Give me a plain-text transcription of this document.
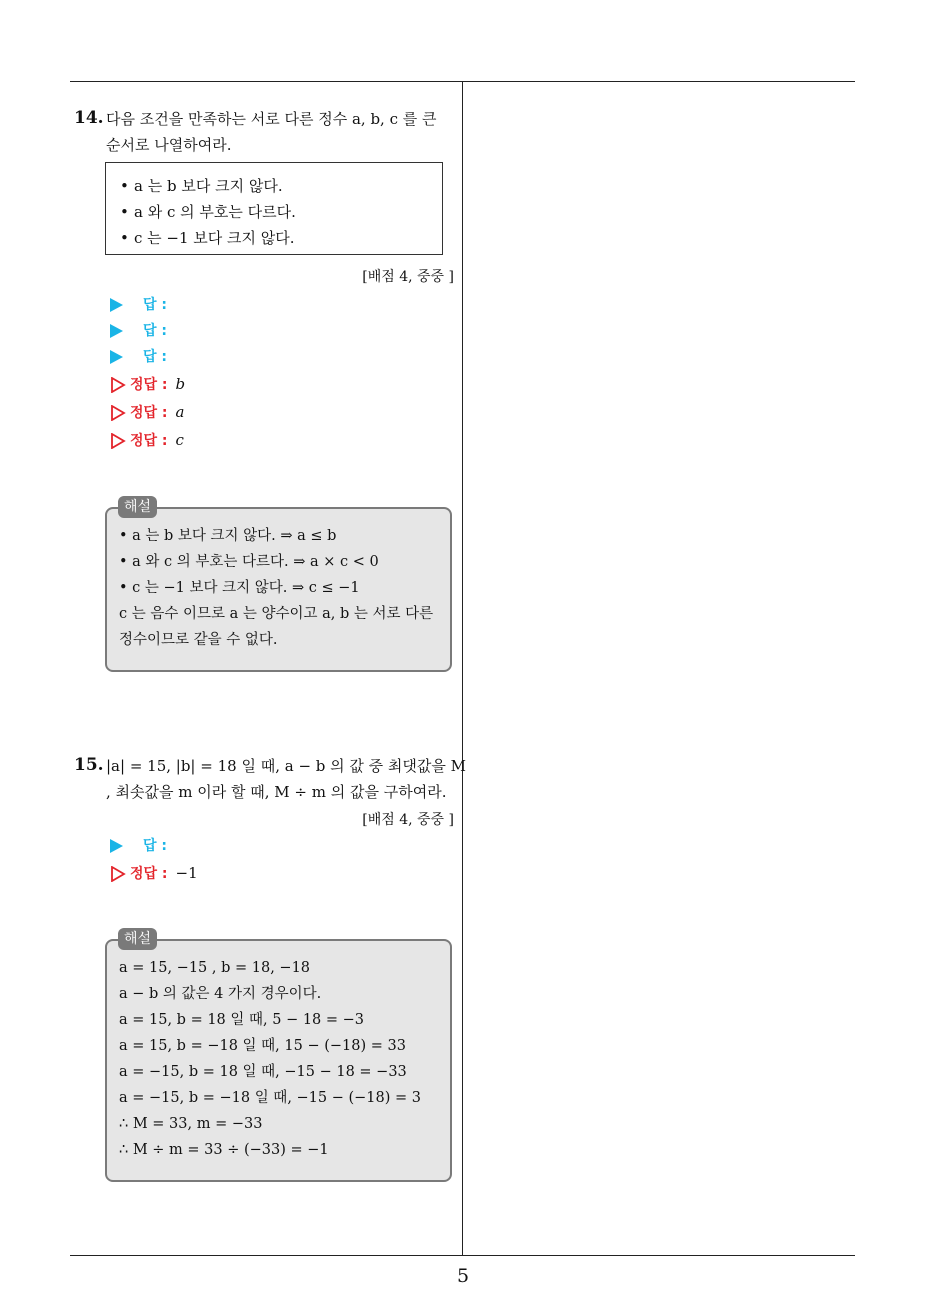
5
14. 다음 조건을 만족하는 서로 다른 정수 a, b, c 를 큰
순서로 나열하여라.
• a 는 b 보다 크지 않다.
• a 와 c 의 부호는 다르다.
• c 는 −1 보다 크지 않다.
[배점 4, 중중 ]
답 :
답 :
답 :
정답 : b
정답 : a
정답 : c
• a 는 b 보다 크지 않다. ⇒ a ≤ b
• a 와 c 의 부호는 다르다. ⇒ a × c < 0
• c 는 −1 보다 크지 않다. ⇒ c ≤ −1
c 는 음수 이므로 a 는 양수이고 a, b 는 서로 다른
정수이므로 같을 수 없다.
해설
15. |a| = 15, |b| = 18 일 때, a − b 의 값 중 최댓값을 M
, 최솟값을 m 이라 할 때, M ÷ m 의 값을 구하여라.
[배점 4, 중중 ]
답 :
정답 : −1
a = 15, −15 , b = 18, −18
a − b 의 값은 4 가지 경우이다.
a = 15, b = 18 일 때, 5 − 18 = −3
a = 15, b = −18 일 때, 15 − (−18) = 33
a = −15, b = 18 일 때, −15 − 18 = −33
a = −15, b = −18 일 때, −15 − (−18) = 3
∴ M = 33, m = −33
∴ M ÷ m = 33 ÷ (−33) = −1
해설
